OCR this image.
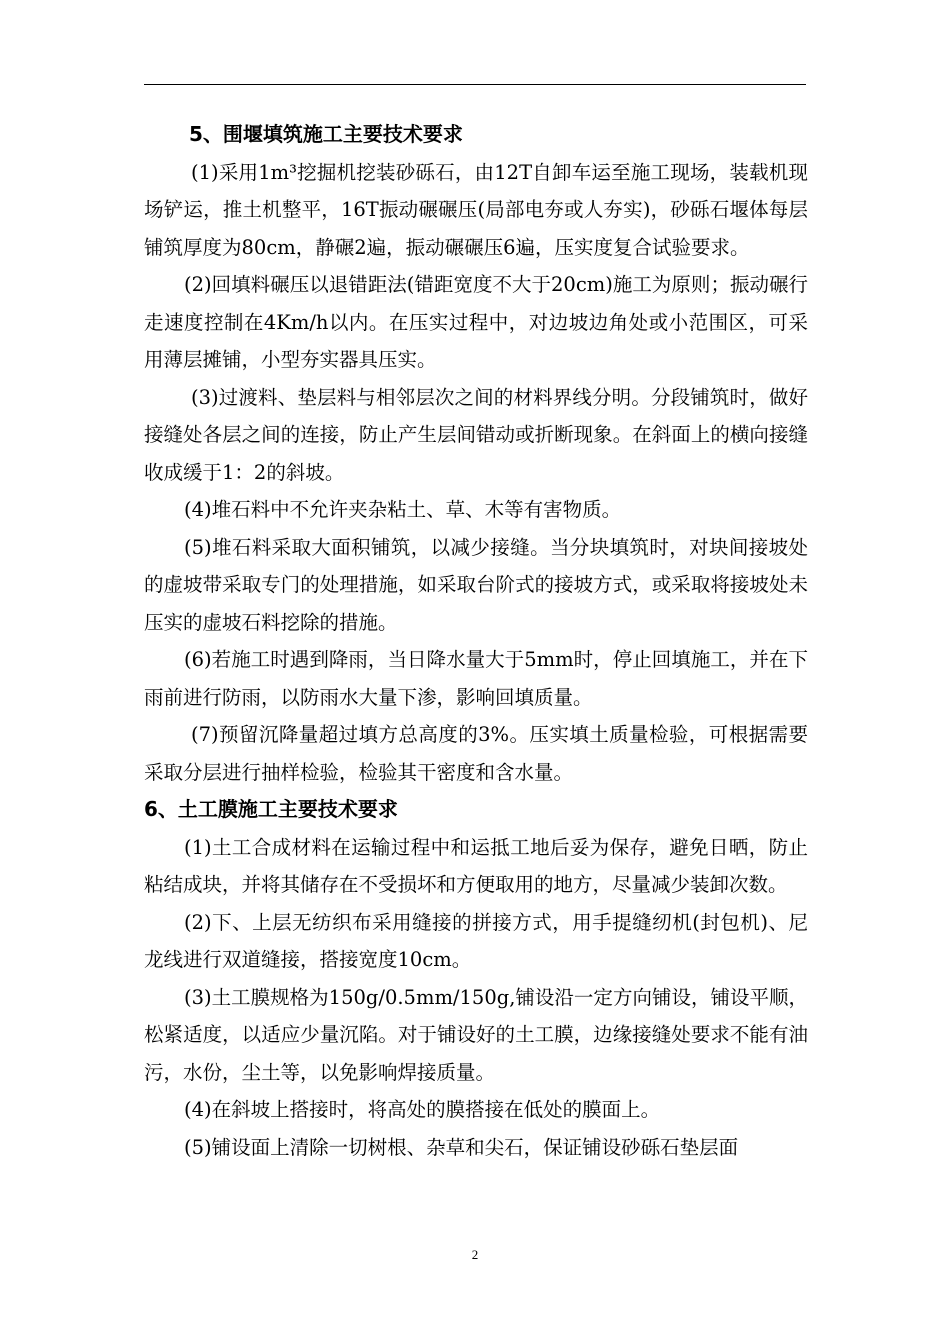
5、围堰填筑施工主要技术要求
(1)采用1m³挖掘机挖装砂砾石，由12T自卸车运至施工现场，装载机现场铲运，推土机整平，16T振动碾碾压(局部电夯或人夯实)，砂砾石堰体每层铺筑厚度为80cm，静碾2遍，振动碾碾压6遍，压实度复合试验要求。
(2)回填料碾压以退错距法(错距宽度不大于20cm)施工为原则；振动碾行走速度控制在4Km/h以内。在压实过程中，对边坡边角处或小范围区，可采用薄层摊铺，小型夯实器具压实。
(3)过渡料、垫层料与相邻层次之间的材料界线分明。分段铺筑时，做好接缝处各层之间的连接，防止产生层间错动或折断现象。在斜面上的横向接缝收成缓于1：2的斜坡。
(4)堆石料中不允许夹杂粘土、草、木等有害物质。
(5)堆石料采取大面积铺筑，以减少接缝。当分块填筑时，对块间接坡处的虚坡带采取专门的处理措施，如采取台阶式的接坡方式，或采取将接坡处未压实的虚坡石料挖除的措施。
(6)若施工时遇到降雨，当日降水量大于5mm时，停止回填施工，并在下雨前进行防雨，以防雨水大量下渗，影响回填质量。
(7)预留沉降量超过填方总高度的3%。压实填土质量检验，可根据需要采取分层进行抽样检验，检验其干密度和含水量。
6、土工膜施工主要技术要求
(1)土工合成材料在运输过程中和运抵工地后妥为保存，避免日晒，防止粘结成块，并将其储存在不受损坏和方便取用的地方，尽量减少装卸次数。
(2)下、上层无纺织布采用缝接的拼接方式，用手提缝纫机(封包机)、尼龙线进行双道缝接，搭接宽度10cm。
(3)土工膜规格为150g/0.5mm/150g,铺设沿一定方向铺设，铺设平顺，松紧适度，以适应少量沉陷。对于铺设好的土工膜，边缘接缝处要求不能有油污，水份，尘土等，以免影响焊接质量。
(4)在斜坡上搭接时，将高处的膜搭接在低处的膜面上。
(5)铺设面上清除一切树根、杂草和尖石，保证铺设砂砾石垫层面
2
